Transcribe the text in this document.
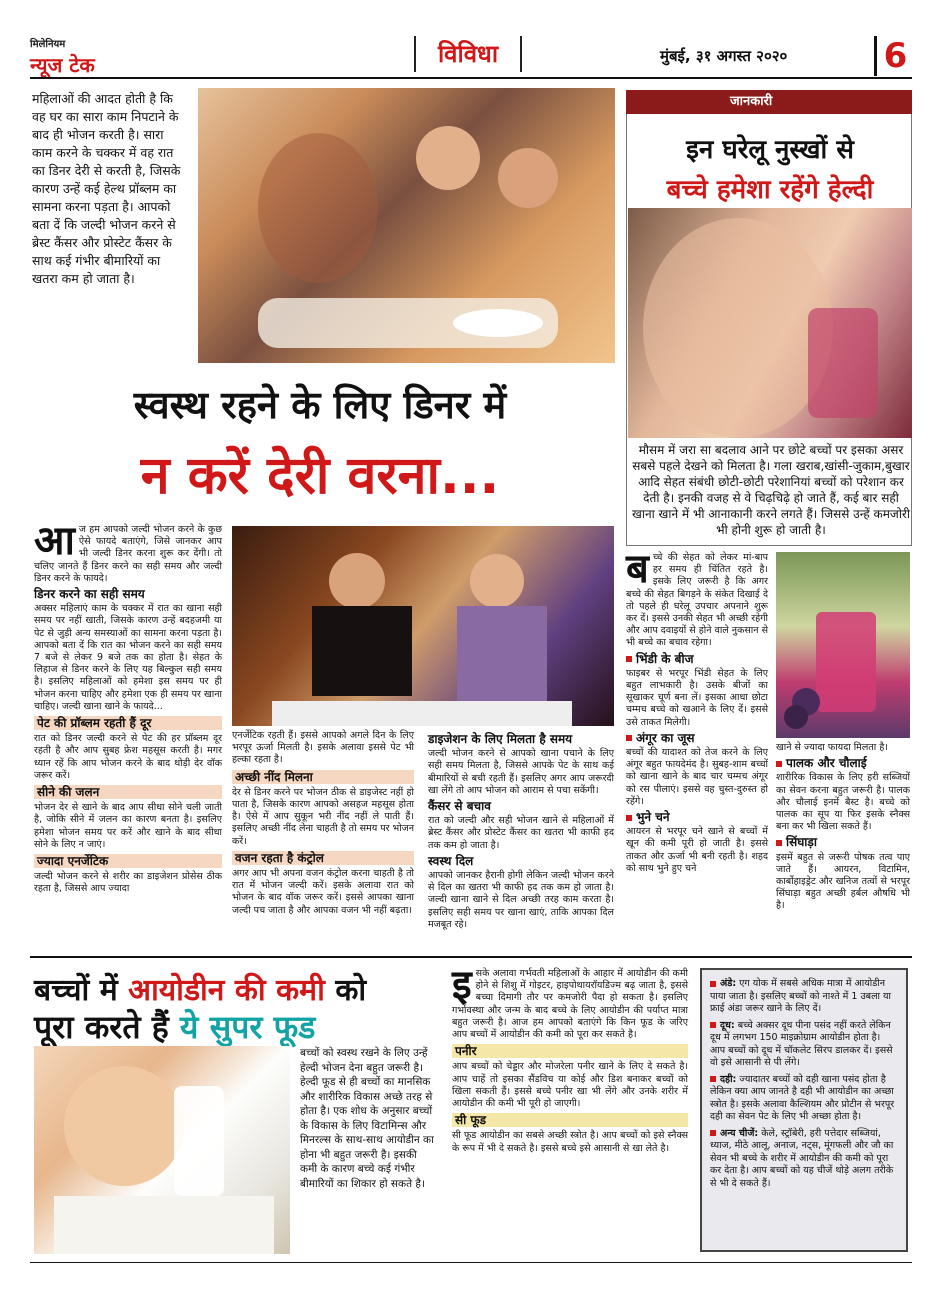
मिलेनियम
न्यूज टेक	विविधा	मुंबई, ३१ अगस्त २०२०	6
महिलाओं की आदत होती है कि वह घर का सारा काम निपटाने के बाद ही भोजन करती है। सारा काम करने के चक्कर में वह रात का डिनर देरी से करती है, जिसके कारण उन्हें कई हेल्थ प्रॉब्लम का सामना करना पड़ता है। आपको बता दें कि जल्दी भोजन करने से ब्रेस्ट कैंसर और प्रोस्टेट कैंसर के साथ कई गंभीर बीमारियों का खतरा कम हो जाता है।
स्वस्थ रहने के लिए डिनर में
न करें देरी वरना...
जानकारी
इन घरेलू नुस्खों से
बच्चे हमेशा रहेंगे हेल्दी
मौसम में जरा सा बदलाव आने पर छोटे बच्चों पर इसका असर सबसे पहले देखने को मिलता है। गला खराब,खांसी-जुकाम,बुखार आदि सेहत संबंधी छोटी-छोटी परेशानियां बच्चों को परेशान कर देती है। इनकी वजह से वे चिढ़चिढ़े हो जाते हैं, कई बार सही खाना खाने में भी आनाकानी करने लगते हैं। जिससे उन्हें कमजोरी भी होनी शुरू हो जाती है।
आ ज हम आपको जल्दी भोजन करने के कुछ ऐसे फायदे बताएंगे, जिसे जानकर आप भी जल्दी डिनर करना शुरू कर देंगी। तो चलिए जानते हैं डिनर करने का सही समय और जल्दी डिनर करने के फायदे।
डिनर करने का सही समय
अक्सर महिलाएं काम के चक्कर में रात का खाना सही समय पर नहीं खाती, जिसके कारण उन्हें बदहजमी या पेट से जुड़ी अन्य समस्याओं का सामना करना पड़ता है। आपको बता दें कि रात का भोजन करने का सही समय 7 बजे से लेकर 9 बजे तक का होता है। सेहत के लिहाज से डिनर करने के लिए यह बिल्कुल सही समय है। इसलिए महिलाओं को हमेशा इस समय पर ही भोजन करना चाहिए और हमेशा एक ही समय पर खाना चाहिए। जल्दी खाना खाने के फायदे...
पेट की प्रॉब्लम रहती हैं दूर
रात को डिनर जल्दी करने से पेट की हर प्रॉब्लम दूर रहती है और आप सुबह फ्रेश महसूस करती है। मगर ध्यान रहें कि आप भोजन करने के बाद थोड़ी देर वॉक जरूर करें।
सीने की जलन
भोजन देर से खाने के बाद आप सीधा सोने चली जाती है, जोकि सीने में जलन का कारण बनता है। इसलिए हमेशा भोजन समय पर करें और खाने के बाद सीधा सोने के लिए न जाएं।
ज्यादा एनर्जेटिक
जल्दी भोजन करने से शरीर का डाइजेशन प्रोसेस ठीक रहता है, जिससे आप ज्यादा
एनर्जेटिक रहती हैं। इससे आपको अगले दिन के लिए भरपूर ऊर्जा मिलती है। इसके अलावा इससे पेट भी हल्का रहता है।
अच्छी नींद मिलना
देर से डिनर करने पर भोजन ठीक से डाइजेस्ट नहीं हो पाता है, जिसके कारण आपको असहज महसूस होता है। ऐसे में आप सुकून भरी नींद नहीं ले पाती हैं। इसलिए अच्छी नींद लेना चाहती है तो समय पर भोजन करें।
वजन रहता है कंट्रोल
अगर आप भी अपना वजन कंट्रोल करना चाहती है तो रात में भोजन जल्दी करें। इसके अलावा रात को भोजन के बाद वॉक जरूर करें। इससे आपका खाना जल्दी पच जाता है और आपका वजन भी नहीं बढ़ता।
डाइजेशन के लिए मिलता है समय
जल्दी भोजन करने से आपको खाना पचाने के लिए सही समय मिलता है, जिससे आपके पेट के साथ कई बीमारियों से बची रहती हैं। इसलिए अगर आप जरूरदी खा लेंगे तो आप भोजन को आराम से पचा सकेंगी।
कैंसर से बचाव
रात को जल्दी और सही भोजन खाने से महिलाओं में ब्रेस्ट कैंसर और प्रोस्टेट कैंसर का खतरा भी काफी हद तक कम हो जाता है।
स्वस्थ दिल
आपको जानकर हैरानी होगी लेकिन जल्दी भोजन करने से दिल का खतरा भी काफी हद तक कम हो जाता है। जल्दी खाना खाने से दिल अच्छी तरह काम करता है। इसलिए सही समय पर खाना खाएं, ताकि आपका दिल मजबूत रहे।
ब च्चे की सेहत को लेकर मां-बाप हर समय ही चिंतित रहते है। इसके लिए जरूरी है कि अगर बच्चे की सेहत बिगड़ने के संकेत दिखाई दे तो पहले ही घरेलू उपचार अपनाने शुरू कर दें। इससे उनकी सेहत भी अच्छी रहेगी और आप दवाइयों से होने वाले नुकसान से भी बच्चे का बचाव रहेगा।
भिंडी के बीज
फाइबर से भरपूर भिंडी सेहत के लिए बहुत लाभकारी है। उसके बीजों का सूखाकर चूर्ण बना लें। इसका आधा छोटा चम्मच बच्चे को खआने के लिए दें। इससे उसे ताकत मिलेगी।
अंगूर का जूस
बच्चों की यादाश्त को तेज करने के लिए अंगूर बहुत फायदेमंद है। सुबह-शाम बच्चों को खाना खाने के बाद चार चम्मच अंगूर को रस पीलाएं। इससे वह चुस्त-दुरुस्त हो रहेंगे।
भुने चने
आयरन से भरपूर चने खाने से बच्चों में खून की कमी पूरी हो जाती है। इससे ताकत और ऊर्जा भी बनी रहती है। शहद को साथ भुने हुए चने
खाने से ज्यादा फायदा मिलता है।
पालक और चौलाई
शारीरिक विकास के लिए हरी सब्जियों का सेवन करना बहुत जरूरी है। पालक और चौलाई इनमें बैस्ट है। बच्चे को पालक का सूप या फिर इसके स्नैक्स बना कर भी खिला सकते हैं।
सिंघाड़ा
इसमें बहुत से जरूरी पोषक तत्व पाए जाते हैं। आयरन, विटामिन, कार्बोहाइड्रेट और खनिज तत्वों से भरपूर सिंघाड़ा बहुत अच्छी हर्बल औषधि भी है।
बच्चों में आयोडीन की कमी को
पूरा करते हैं ये सुपर फूड
बच्चों को स्वस्थ रखने के लिए उन्हें हेल्दी भोजन देना बहुत जरूरी है। हेल्दी फूड से ही बच्चों का मानसिक और शारीरिक विकास अच्छे तरह से होता है। एक शोध के अनुसार बच्चों के विकास के लिए विटामिन्स और मिनरल्स के साथ-साथ आयोडीन का होना भी बहुत जरूरी है। इसकी कमी के कारण बच्चे कई गंभीर बीमारियों का शिकार हो सकते है।
इ सके अलावा गर्भवती महिलाओं के आहार में आयोडीन की कमी होने से शिशु में गोइटर, हाइपोथायरॉयडिज्म बढ़ जाता है, इससे बच्चा दिमागी तौर पर कमजोरी पैदा हो सकता है। इसलिए गर्भावस्था और जन्म के बाद बच्चे के लिए आयोडीन की पर्याप्त मात्रा बहुत जरूरी है। आज हम आपको बताएंगे कि किन फूड के जरिए आप बच्चों में आयोडीन की कमी को पूरा कर सकते है।
पनीर
आप बच्चों को चेड्डार और मोजरेला पनीर खाने के लिए दे सकते है। आप चाहें तो इसका सैंडविच या कोई और डिश बनाकर बच्चों को खिला सकती हैं। इससे बच्चे पनीर खा भी लेंगे और उनके शरीर में आयोडीन की कमी भी पूरी हो जाएगी।
सी फूड
सी फूड आयोडीन का सबसे अच्छी स्त्रोत है। आप बच्चों को इसे स्नैक्स के रूप में भी दे सकते है। इससे बच्चे इसे आसानी से खा लेते है।

अंडे: एग योक में सबसे अधिक मात्रा में आयोडीन पाया जाता है। इसलिए बच्चों को नाश्ते में 1 उबला या फ्राई अंडा जरूर खाने के लिए दें।

दूध: बच्चे अक्सर दूध पीना पसंद नहीं करते लेकिन दूध में लगभग 150 माइक्रोग्राम आयोडीन होता है। आप बच्चों को दूध में चॉकलेट सिरप डालकर दें। इससे वो इसे आसानी से पी लेंगे।

दही: ज्यादातर बच्चों को दही खाना पसंद होता है लेकिन क्या आप जानते है दही भी आयोडीन का अच्छा स्त्रोत है। इसके अलावा कैल्शियम और प्रोटीन से भरपूर दही का सेवन पेट के लिए भी अच्छा होता है।

अन्य चीजें: केले, स्ट्रॉबेरी, हरी पत्तेदार सब्जियां, ध्याज, मीठे आलू, अनाज, नट्स, मूंगफली और जौ का सेवन भी बच्चे के शरीर में आयोडीन की कमी को पूरा कर देता है। आप बच्चों को यह चीजें थोड़े अलग तरीके से भी दे सकते हैं।
